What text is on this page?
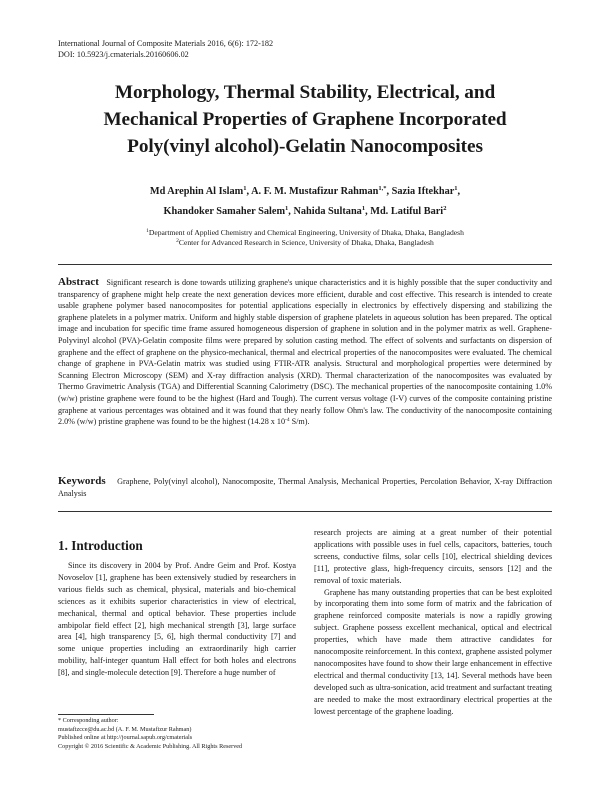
International Journal of Composite Materials 2016, 6(6): 172-182
DOI: 10.5923/j.cmaterials.20160606.02
Morphology, Thermal Stability, Electrical, and
Mechanical Properties of Graphene Incorporated
Poly(vinyl alcohol)-Gelatin Nanocomposites
Md Arephin Al Islam$^1$, A. F. M. Mustafizur Rahman$^{1,*}$, Sazia Iftekhar$^1$,
Khandoker Samaher Salem$^1$, Nahida Sultana$^1$, Md. Latiful Bari$^2$
$^1$Department of Applied Chemistry and Chemical Engineering, University of Dhaka, Dhaka, Bangladesh
$^2$Center for Advanced Research in Science, University of Dhaka, Dhaka, Bangladesh
Abstract Significant research is done towards utilizing graphene's unique characteristics and it is highly possible that the super conductivity and transparency of graphene might help create the next generation devices more efficient, durable and cost effective. This research is intended to create usable graphene polymer based nanocomposites for potential applications especially in electronics by effectively dispersing and stabilizing the graphene platelets in a polymer matrix. Uniform and highly stable dispersion of graphene platelets in aqueous solution has been prepared. The optical image and incubation for specific time frame assured homogeneous dispersion of graphene in solution and in the polymer matrix as well. Graphene-Polyvinyl alcohol (PVA)-Gelatin composite films were prepared by solution casting method. The effect of solvents and surfactants on dispersion of graphene and the effect of graphene on the physico-mechanical, thermal and electrical properties of the nanocomposites were evaluated. The chemical change of graphene in PVA-Gelatin matrix was studied using FTIR-ATR analysis. Structural and morphological properties were determined by Scanning Electron Microscopy (SEM) and X-ray diffraction analysis (XRD). Thermal characterization of the nanocomposites was evaluated by Thermo Gravimetric Analysis (TGA) and Differential Scanning Calorimetry (DSC). The mechanical properties of the nanocomposite containing 1.0% (w/w) pristine graphene were found to be the highest (Hard and Tough). The current versus voltage (I-V) curves of the composite containing pristine graphene at various percentages was obtained and it was found that they nearly follow Ohm's law. The conductivity of the nanocomposite containing 2.0% (w/w) pristine graphene was found to be the highest (14.28 x $10^{-4}$ S/m).
Keywords Graphene, Poly(vinyl alcohol), Nanocomposite, Thermal Analysis, Mechanical Properties, Percolation Behavior, X-ray Diffraction Analysis
1. Introduction

Since its discovery in 2004 by Prof. Andre Geim and Prof. Kostya Novoselov [1], graphene has been extensively studied by researchers in various fields such as chemical, physical, materials and bio-chemical sciences as it exhibits superior characteristics in view of electrical, mechanical, thermal and optical behavior. These properties include ambipolar field effect [2], high mechanical strength [3], large surface area [4], high transparency [5, 6], high thermal conductivity [7] and some unique properties including an extraordinarily high carrier mobility, half-integer quantum Hall effect for both holes and electrons [8], and single-molecule detection [9]. Therefore a huge number of

research projects are aiming at a great number of their potential applications with possible uses in fuel cells, capacitors, batteries, touch screens, conductive films, solar cells [10], electrical shielding devices [11], protective glass, high-frequency circuits, sensors [12] and the removal of toxic materials.

Graphene has many outstanding properties that can be best exploited by incorporating them into some form of matrix and the fabrication of graphene reinforced composite materials is now a rapidly growing subject. Graphene possess excellent mechanical, optical and electrical properties, which have made them attractive candidates for nanocomposite reinforcement. In this context, graphene assisted polymer nanocomposites have found to show their large enhancement in effective electrical and thermal conductivity [13, 14]. Several methods have been developed such as ultra-sonication, acid treatment and surfactant treating are needed to make the most extraordinary electrical properties at the lowest percentage of the graphene loading.

* Corresponding author:
mustafizcce@du.ac.bd (A. F. M. Mustafizur Rahman)
Published online at http://journal.sapub.org/cmaterials
Copyright © 2016 Scientific & Academic Publishing. All Rights Reserved
